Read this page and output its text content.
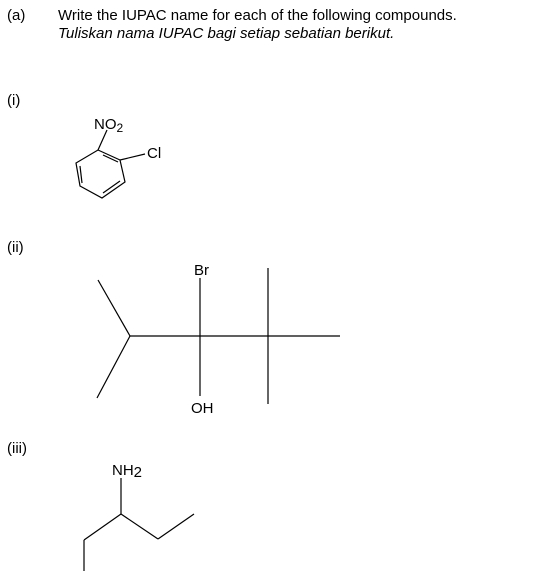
(a) Write the IUPAC name for each of the following compounds.
Tuliskan nama IUPAC bagi setiap sebatian berikut.
(i)
(ii)
(iii)
$NO_2$
Cl
Br
OH
NH2
